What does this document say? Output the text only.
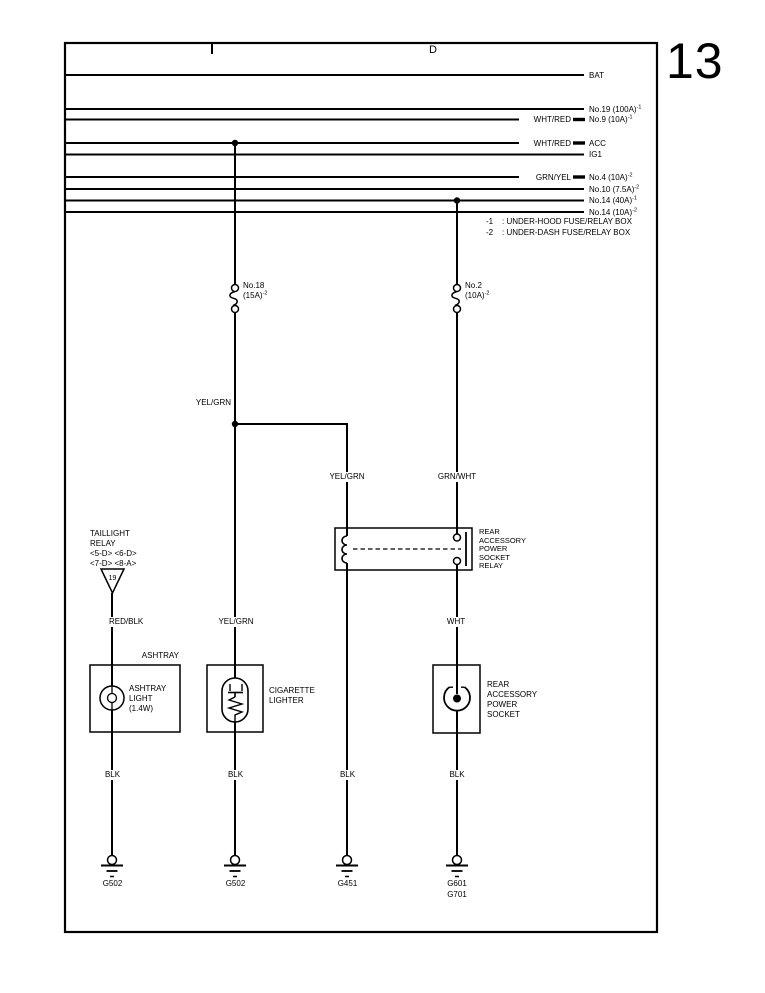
19
13
D
BAT
No.19 $(100A)^{-1}$
No.9 $(10A)^{-1}$
ACC
IG1
No.4 $(10A)^{-2}$
No.10 $(7.5A)^{-2}$
No.14 $(40A)^{-1}$
No.14 $(10A)^{-2}$
WHT/RED
WHT/RED
GRN/YEL
-1 : UNDER-HOOD FUSE/RELAY BOX
-2 : UNDER-DASH FUSE/RELAY BOX
No.18
$(15A)^{-2}$
No.2
$(10A)^{-2}$
YEL/GRN
YEL/GRN	GRN/WHT
RED/BLK	YEL/GRN	WHT
BLK	BLK	BLK	BLK
TAILLIGHT
RELAY
<5-D> <6-D>
<7-D> <8-A>
REAR
ACCESSORY
POWER
SOCKET
RELAY
ASHTRAY
ASHTRAY
LIGHT
(1.4W)
CIGARETTE
LIGHTER
REAR
ACCESSORY
POWER
SOCKET
G502	G502	G451	G601
G701
